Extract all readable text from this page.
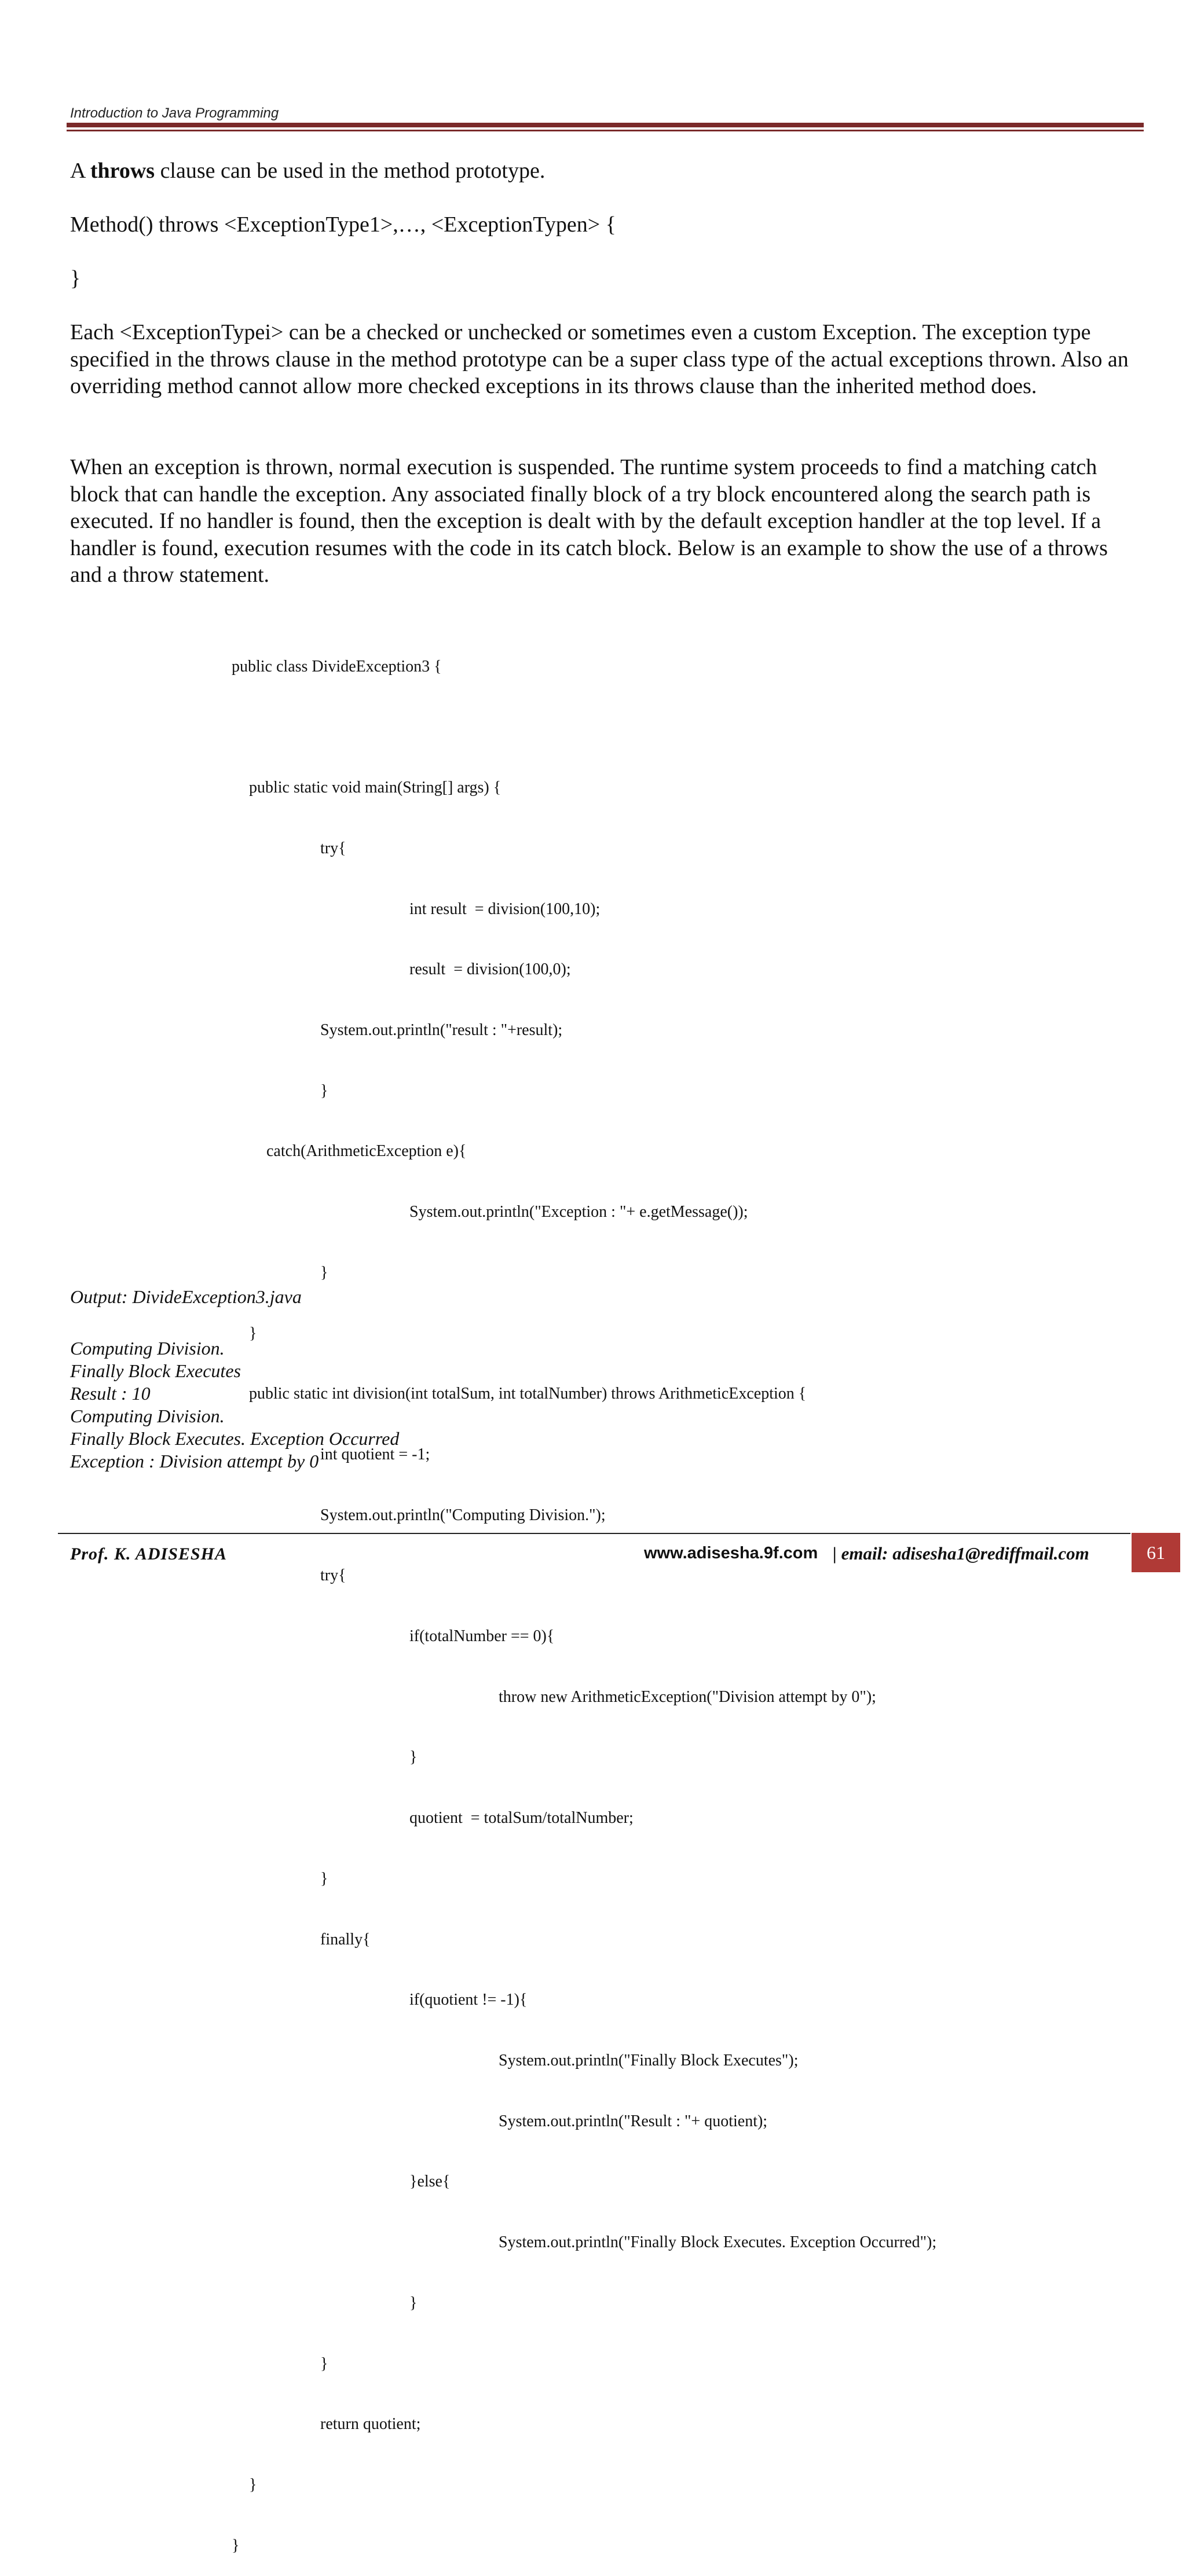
Introduction to Java Programming

A throws clause can be used in the method prototype.

Method() throws <ExceptionType1>,…, <ExceptionTypen> {

}

Each <ExceptionTypei> can be a checked or unchecked or sometimes even a custom Exception. The exception type specified in the throws clause in the method prototype can be a super class type of the actual exceptions thrown. Also an overriding method cannot allow more checked exceptions in its throws clause than the inherited method does.

When an exception is thrown, normal execution is suspended. The runtime system proceeds to find a matching catch block that can handle the exception. Any associated finally block of a try block encountered along the search path is executed. If no handler is found, then the exception is dealt with by the default exception handler at the top level. If a handler is found, execution resumes with the code in its catch block. Below is an example to show the use of a throws and a throw statement.

public class DivideException3 {

public static void main(String[] args) {

try{

int result  = division(100,10);

result  = division(100,0);

System.out.println("result : "+result);

}

catch(ArithmeticException e){

System.out.println("Exception : "+ e.getMessage());

}

}

public static int division(int totalSum, int totalNumber) throws ArithmeticException {

int quotient = -1;

System.out.println("Computing Division.");

try{

if(totalNumber == 0){

throw new ArithmeticException("Division attempt by 0");

}

quotient  = totalSum/totalNumber;

}

finally{

if(quotient != -1){

System.out.println("Finally Block Executes");

System.out.println("Result : "+ quotient);

}else{

System.out.println("Finally Block Executes. Exception Occurred");

}

}

return quotient;

}

}

Output: DivideException3.java

Computing Division.

Finally Block Executes

Result : 10

Computing Division.

Finally Block Executes. Exception Occurred

Exception : Division attempt by 0

Prof. K. ADISESHA	www.adisesha.9f.com | email: adisesha1@rediffmail.com	61
